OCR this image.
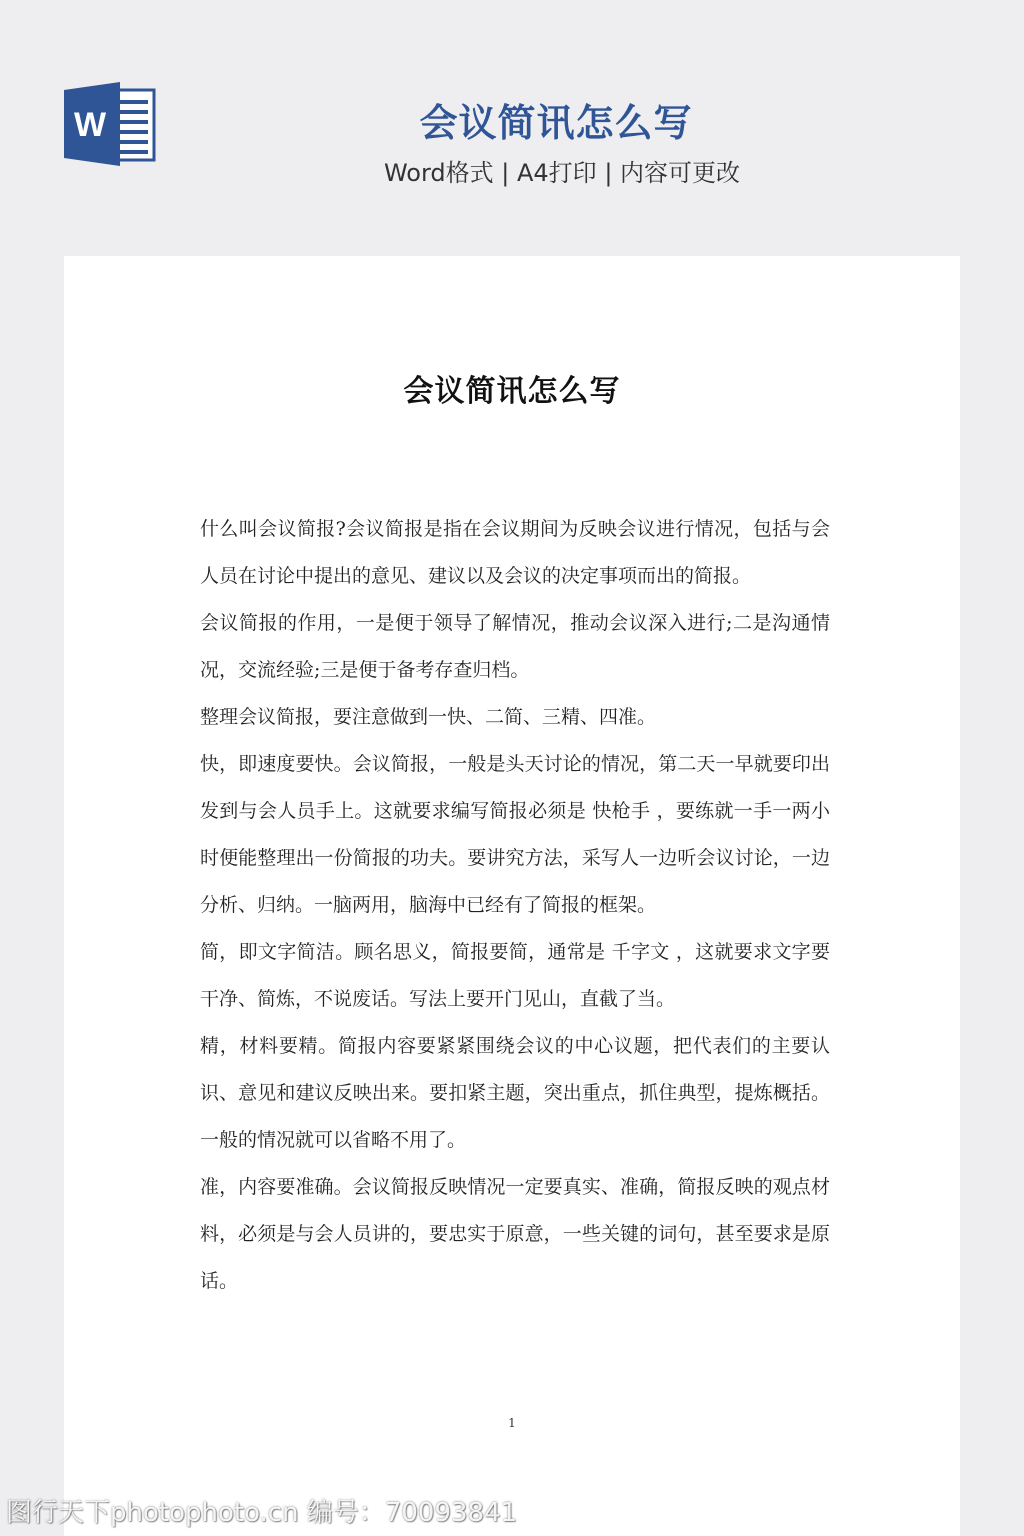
W	会议简讯怎么写
Word格式 | A4打印 | 内容可更改
会议简讯怎么写

什么叫会议简报?会议简报是指在会议期间为反映会议进行情况，包括与会人员在讨论中提出的意见、建议以及会议的决定事项而出的简报。

会议简报的作用，一是便于领导了解情况，推动会议深入进行;二是沟通情况，交流经验;三是便于备考存查归档。

整理会议简报，要注意做到一快、二简、三精、四准。

快，即速度要快。会议简报，一般是头天讨论的情况，第二天一早就要印出发到与会人员手上。这就要求编写简报必须是 快枪手 ，要练就一手一两小时便能整理出一份简报的功夫。要讲究方法，采写人一边听会议讨论，一边分析、归纳。一脑两用，脑海中已经有了简报的框架。

简，即文字简洁。顾名思义，简报要简，通常是 千字文 ，这就要求文字要干净、简炼，不说废话。写法上要开门见山，直截了当。

精，材料要精。简报内容要紧紧围绕会议的中心议题，把代表们的主要认识、意见和建议反映出来。要扣紧主题，突出重点，抓住典型，提炼概括。一般的情况就可以省略不用了。

准，内容要准确。会议简报反映情况一定要真实、准确，简报反映的观点材料，必须是与会人员讲的，要忠实于原意，一些关键的词句，甚至要求是原话。

1
图行天下photophoto.cn 编号：70093841
